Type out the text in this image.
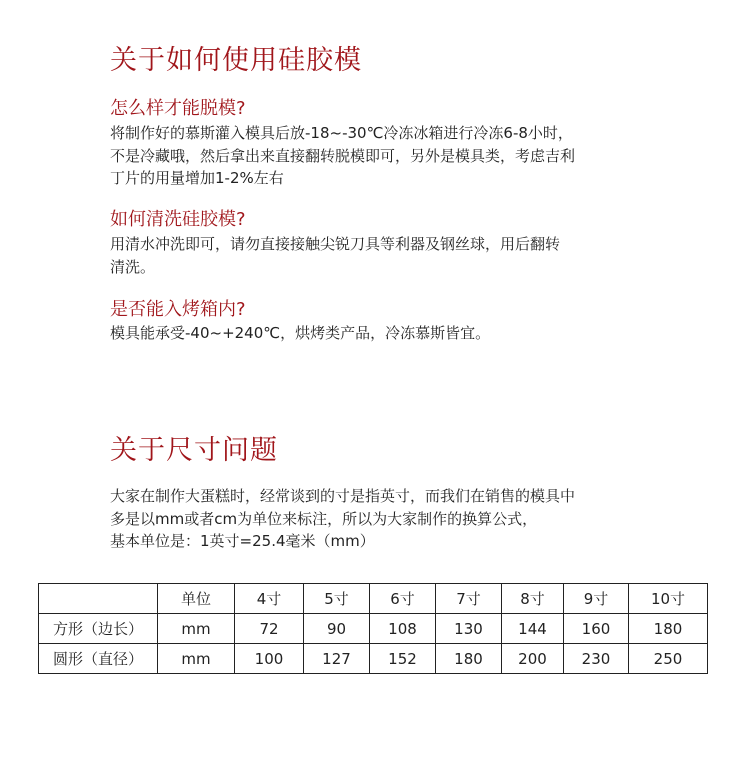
关于如何使用硅胶模
怎么样才能脱模?
将制作好的慕斯灌入模具后放-18~-30℃冷冻冰箱进行冷冻6-8小时，
不是冷藏哦，然后拿出来直接翻转脱模即可，另外是模具类，考虑吉利
丁片的用量增加1-2%左右
如何清洗硅胶模?
用清水冲洗即可，请勿直接接触尖锐刀具等利器及钢丝球，用后翻转
清洗。
是否能入烤箱内?
模具能承受-40~+240℃，烘烤类产品，冷冻慕斯皆宜。
关于尺寸问题
大家在制作大蛋糕时，经常谈到的寸是指英寸，而我们在销售的模具中
多是以mm或者cm为单位来标注，所以为大家制作的换算公式，
基本单位是：1英寸=25.4毫米（mm）
	单位	4寸	5寸	6寸	7寸	8寸	9寸	10寸
方形（边长）	mm	72	90	108	130	144	160	180
圆形（直径）	mm	100	127	152	180	200	230	250
